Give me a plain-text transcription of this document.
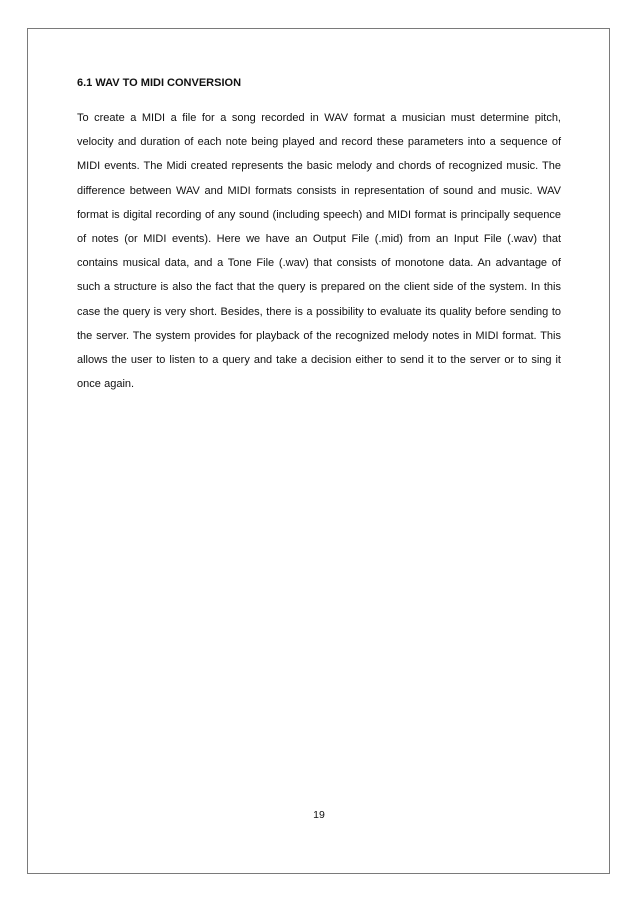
6.1 WAV TO MIDI CONVERSION

To create a MIDI a file for a song recorded in WAV format a musician must determine pitch, velocity and duration of each note being played and record these parameters into a sequence of MIDI events. The Midi created represents the basic melody and chords of recognized music. The difference between WAV and MIDI formats consists in representation of sound and music. WAV format is digital recording of any sound (including speech) and MIDI format is principally sequence of notes (or MIDI events). Here we have an Output File (.mid) from an Input File (.wav) that contains musical data, and a Tone File (.wav) that consists of monotone data. An advantage of such a structure is also the fact that the query is prepared on the client side of the system. In this case the query is very short. Besides, there is a possibility to evaluate its quality before sending to the server. The system provides for playback of the recognized melody notes in MIDI format. This allows the user to listen to a query and take a decision either to send it to the server or to sing it once again.

19
